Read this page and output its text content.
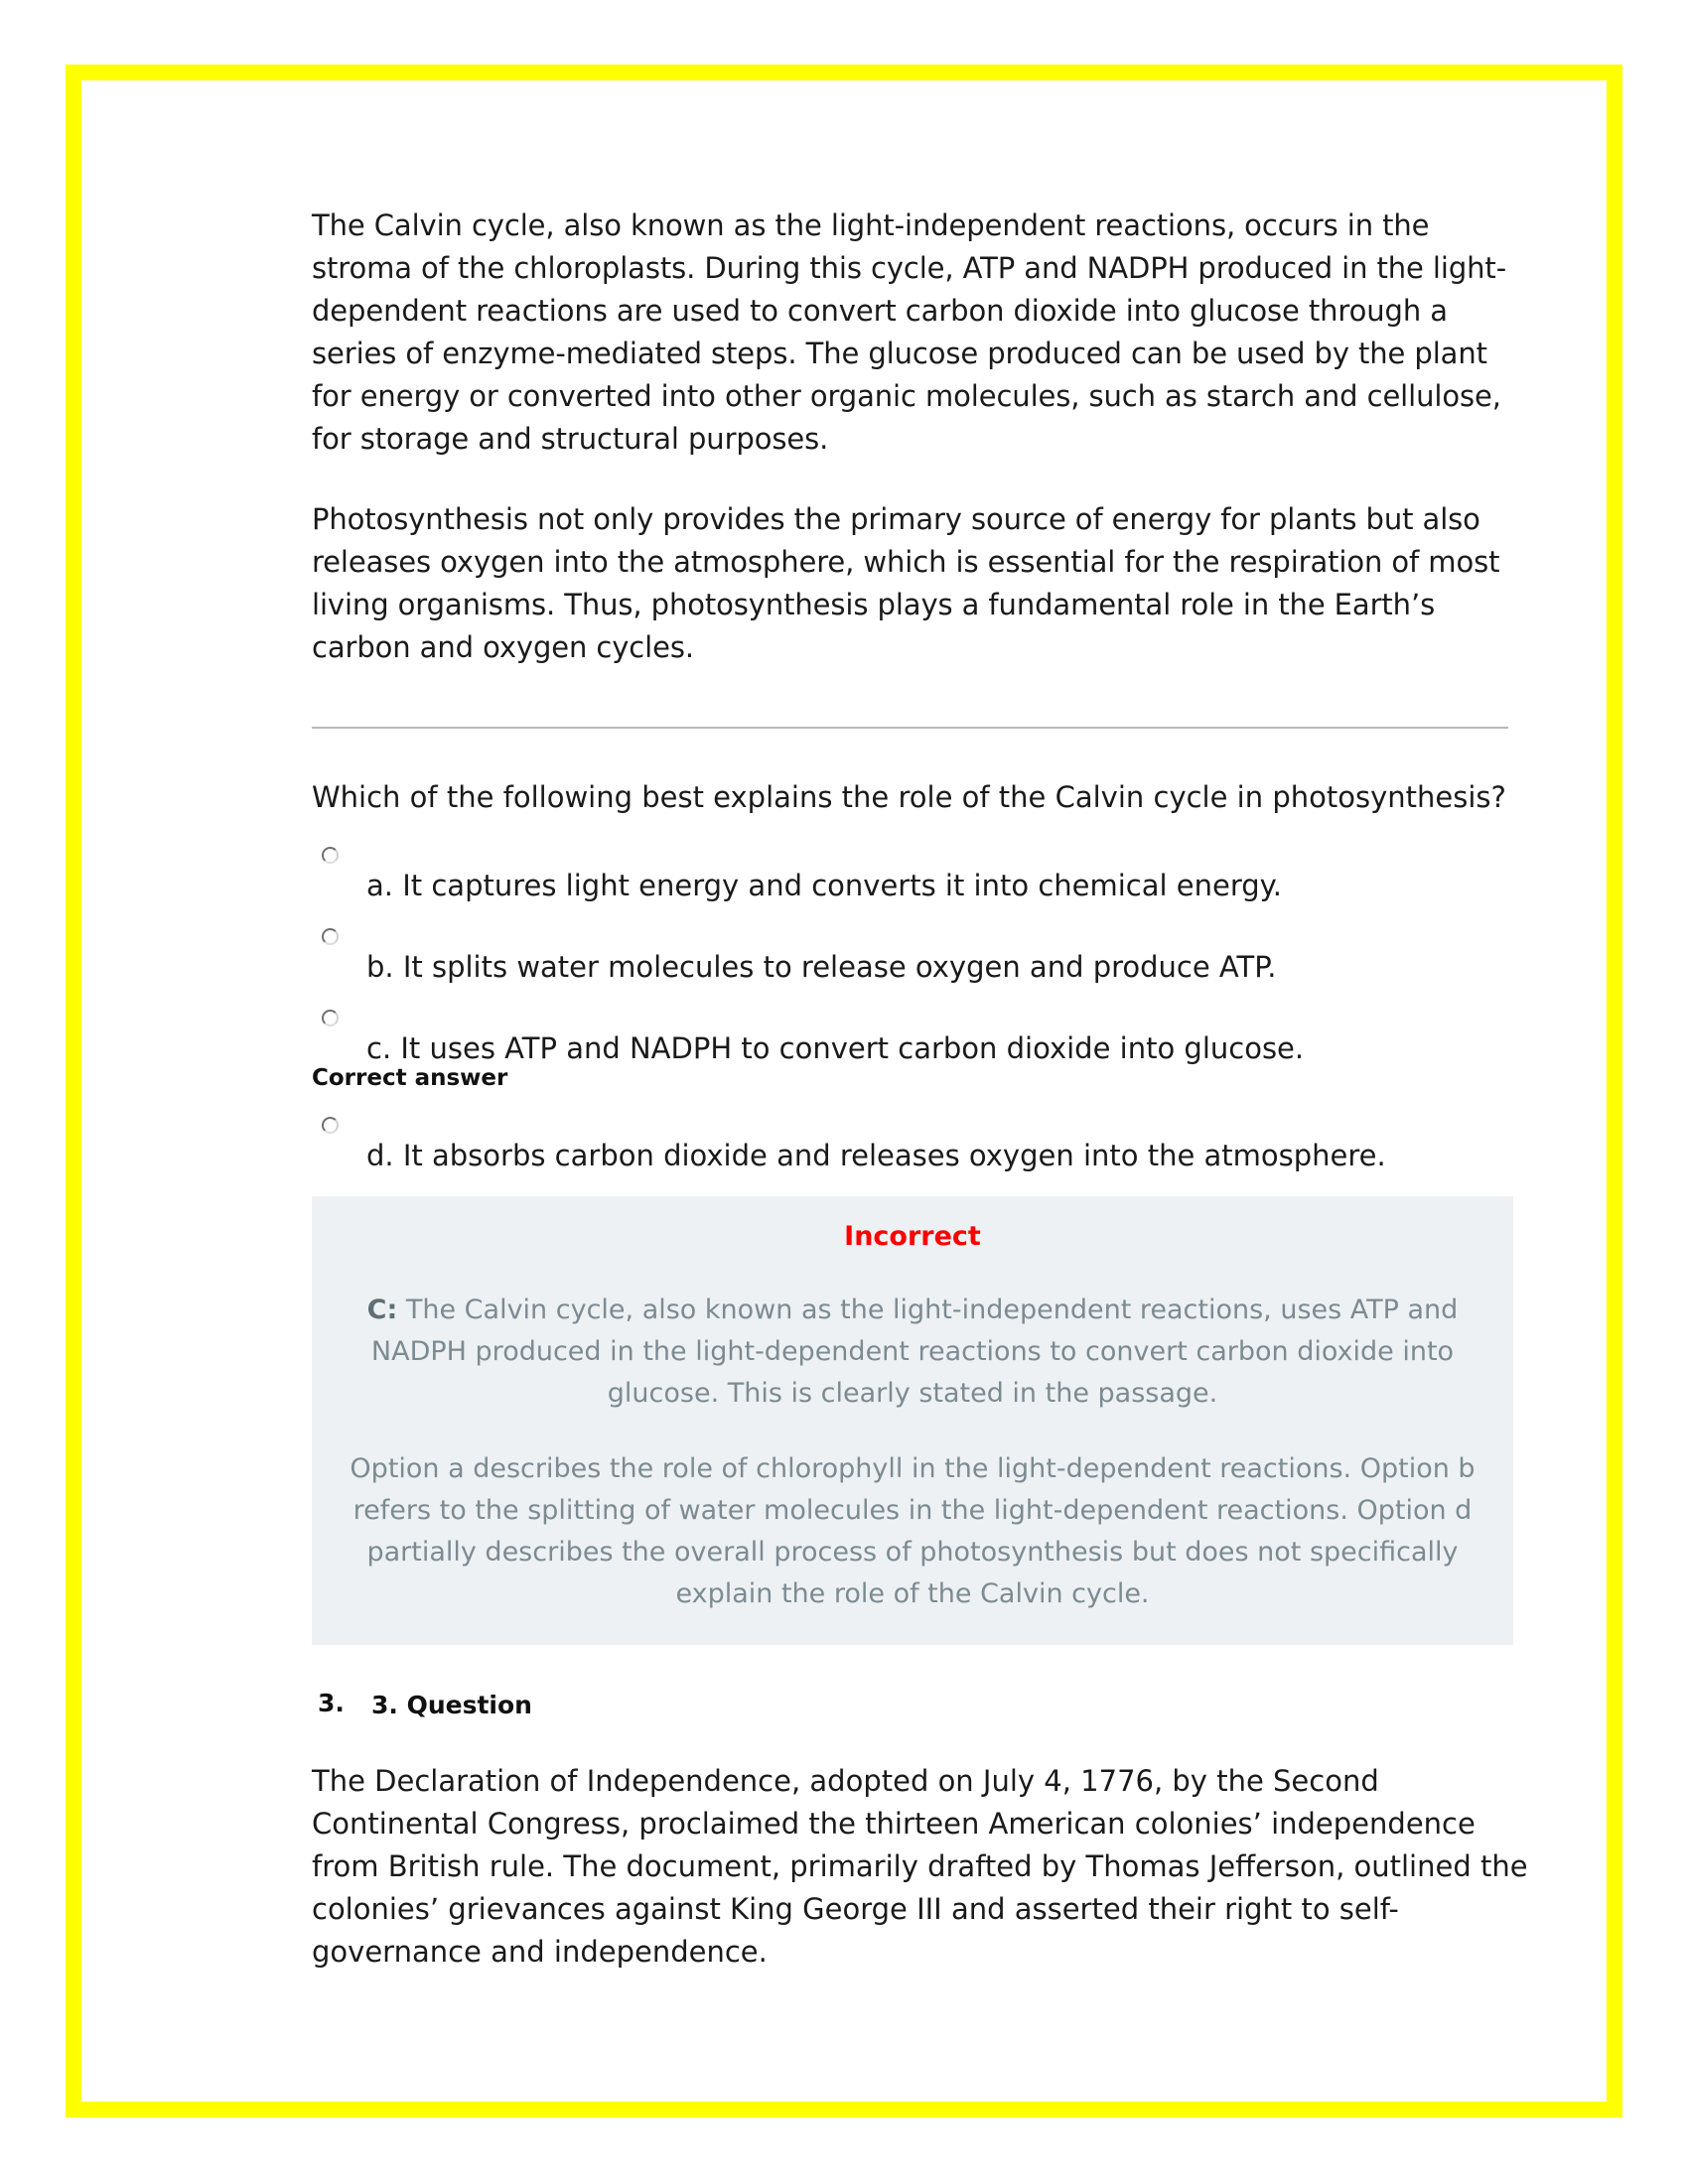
The Calvin cycle, also known as the light-independent reactions, occurs in the stroma of the chloroplasts. During this cycle, ATP and NADPH produced in the light-dependent reactions are used to convert carbon dioxide into glucose through a series of enzyme-mediated steps. The glucose produced can be used by the plant for energy or converted into other organic molecules, such as starch and cellulose, for storage and structural purposes.

Photosynthesis not only provides the primary source of energy for plants but also releases oxygen into the atmosphere, which is essential for the respiration of most living organisms. Thus, photosynthesis plays a fundamental role in the Earth’s carbon and oxygen cycles.

Which of the following best explains the role of the Calvin cycle in photosynthesis?

a. It captures light energy and converts it into chemical energy.
b. It splits water molecules to release oxygen and produce ATP.
c. It uses ATP and NADPH to convert carbon dioxide into glucose.
Correct answer
d. It absorbs carbon dioxide and releases oxygen into the atmosphere.

Incorrect

C: The Calvin cycle, also known as the light-independent reactions, uses ATP and NADPH produced in the light-dependent reactions to convert carbon dioxide into glucose. This is clearly stated in the passage.

Option a describes the role of chlorophyll in the light-dependent reactions. Option b refers to the splitting of water molecules in the light-dependent reactions. Option d partially describes the overall process of photosynthesis but does not specifically explain the role of the Calvin cycle.

3. 3. Question

The Declaration of Independence, adopted on July 4, 1776, by the Second Continental Congress, proclaimed the thirteen American colonies’ independence from British rule. The document, primarily drafted by Thomas Jefferson, outlined the colonies’ grievances against King George III and asserted their right to self-governance and independence.
